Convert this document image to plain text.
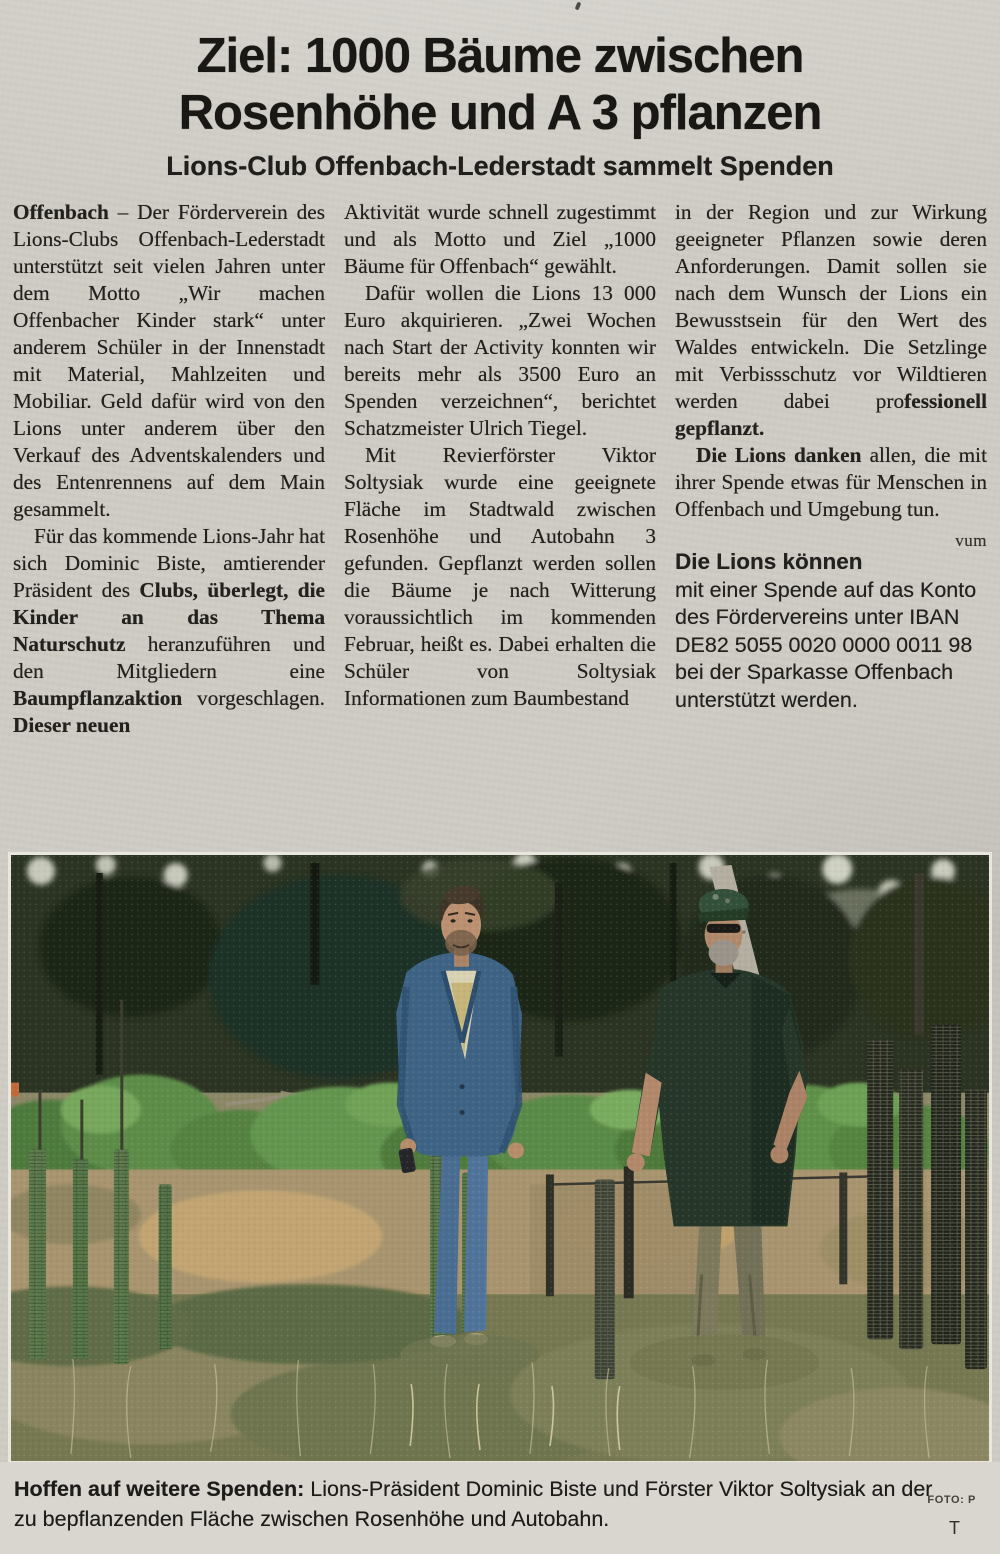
Ziel: 1000 Bäume zwischen
Rosenhöhe und A 3 pflanzen
Lions-Club Offenbach-Lederstadt sammelt Spenden

Offenbach – Der Förderverein des Lions-Clubs Offenbach-Lederstadt unterstützt seit vielen Jahren unter dem Motto „Wir machen Offenbacher Kinder stark“ unter anderem Schüler in der Innenstadt mit Material, Mahlzeiten und Mobiliar. Geld dafür wird von den Lions unter anderem über den Verkauf des Adventskalenders und des Entenrennens auf dem Main gesammelt.

Für das kommende Lions-Jahr hat sich Dominic Biste, amtierender Präsident des Clubs, überlegt, die Kinder an das Thema Naturschutz heranzuführen und den Mitgliedern eine Baumpflanzaktion vorgeschlagen. Dieser neuen

Aktivität wurde schnell zugestimmt und als Motto und Ziel „1000 Bäume für Offenbach“ gewählt.

Dafür wollen die Lions 13 000 Euro akquirieren. „Zwei Wochen nach Start der Activity konnten wir bereits mehr als 3500 Euro an Spenden verzeichnen“, berichtet Schatzmeister Ulrich Tiegel.

Mit Revierförster Viktor Soltysiak wurde eine geeignete Fläche im Stadtwald zwischen Rosenhöhe und Autobahn 3 gefunden. Gepflanzt werden sollen die Bäume je nach Witterung voraussichtlich im kommenden Februar, heißt es. Dabei erhalten die Schüler von Soltysiak Informationen zum Baumbestand

in der Region und zur Wirkung geeigneter Pflanzen sowie deren Anforderungen. Damit sollen sie nach dem Wunsch der Lions ein Bewusstsein für den Wert des Waldes entwickeln. Die Setzlinge mit Verbissschutz vor Wildtieren werden dabei professionell gepflanzt.

Die Lions danken allen, die mit ihrer Spende etwas für Menschen in Offenbach und Umgebung tun.
vum

Die Lions können
mit einer Spende auf das Konto des Fördervereins unter IBAN DE82 5055 0020 0000 0011 98 bei der Sparkasse Offenbach unterstützt werden.
Hoffen auf weitere Spenden: Lions-Präsident Dominic Biste und Förster Viktor Soltysiak an der zu bepflanzenden Fläche zwischen Rosenhöhe und Autobahn.
FOTO: P
T
